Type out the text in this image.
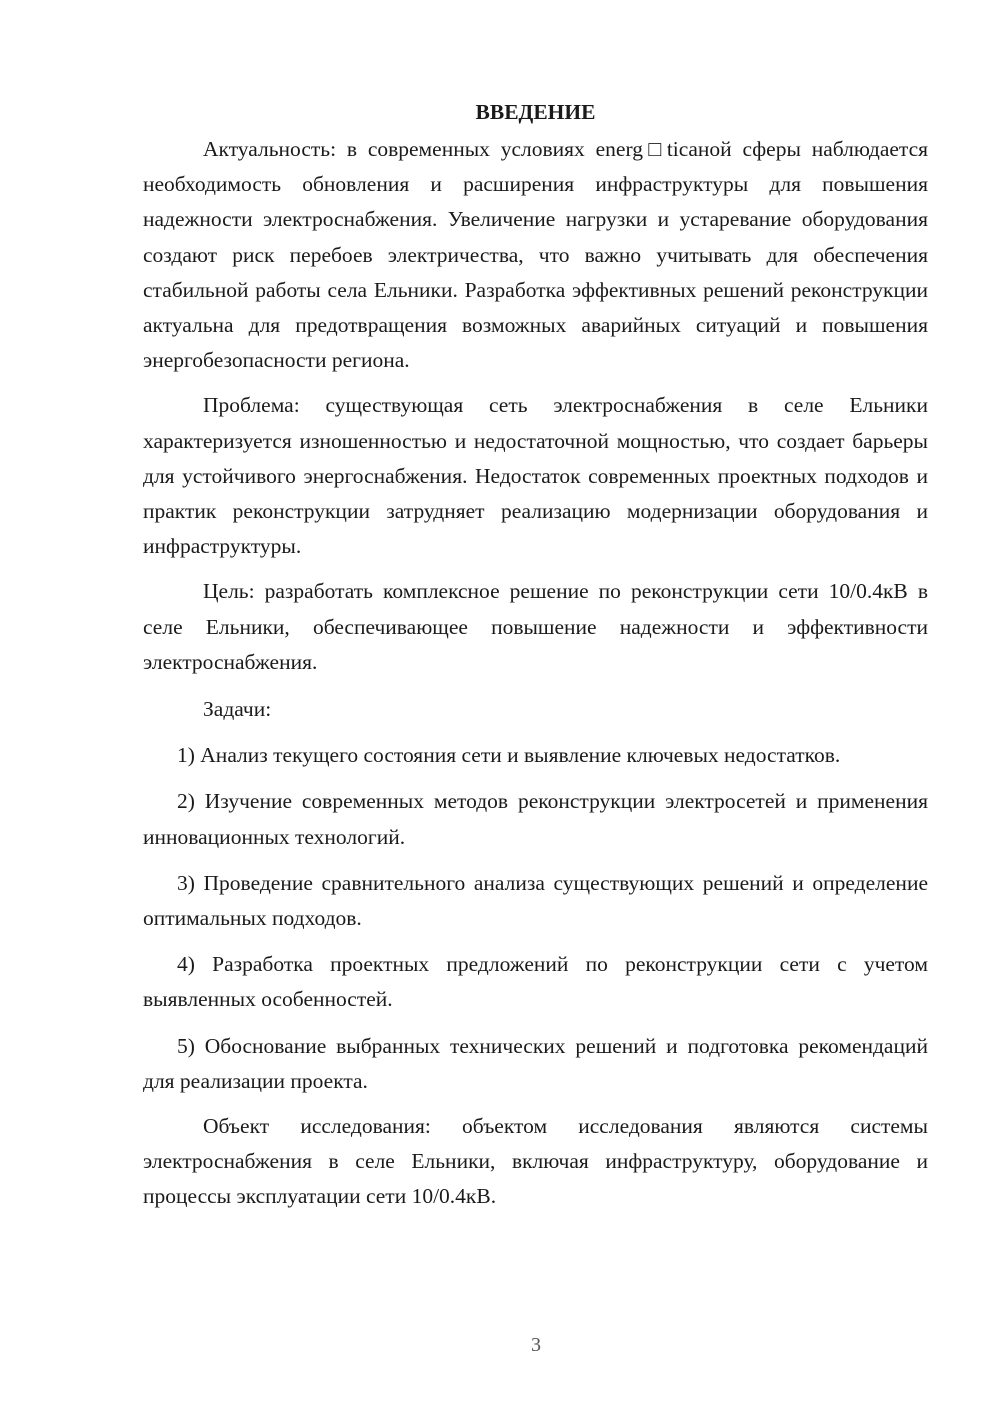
ВВЕДЕНИЕ

Актуальность: в современных условиях energ□ticaной сферы наблюдается необходимость обновления и расширения инфраструктуры для повышения надежности электроснабжения. Увеличение нагрузки и устаревание оборудования создают риск перебоев электричества, что важно учитывать для обеспечения стабильной работы села Ельники. Разработка эффективных решений реконструкции актуальна для предотвращения возможных аварийных ситуаций и повышения энергобезопасности региона.

Проблема: существующая сеть электроснабжения в селе Ельники характеризуется изношенностью и недостаточной мощностью, что создает барьеры для устойчивого энергоснабжения. Недостаток современных проектных подходов и практик реконструкции затрудняет реализацию модернизации оборудования и инфраструктуры.

Цель: разработать комплексное решение по реконструкции сети 10/0.4кВ в селе Ельники, обеспечивающее повышение надежности и эффективности электроснабжения.

Задачи:

1) Анализ текущего состояния сети и выявление ключевых недостатков.

2) Изучение современных методов реконструкции электросетей и применения инновационных технологий.

3) Проведение сравнительного анализа существующих решений и определение оптимальных подходов.

4) Разработка проектных предложений по реконструкции сети с учетом выявленных особенностей.

5) Обоснование выбранных технических решений и подготовка рекомендаций для реализации проекта.

Объект исследования: объектом исследования являются системы электроснабжения в селе Ельники, включая инфраструктуру, оборудование и процессы эксплуатации сети 10/0.4кВ.

3
